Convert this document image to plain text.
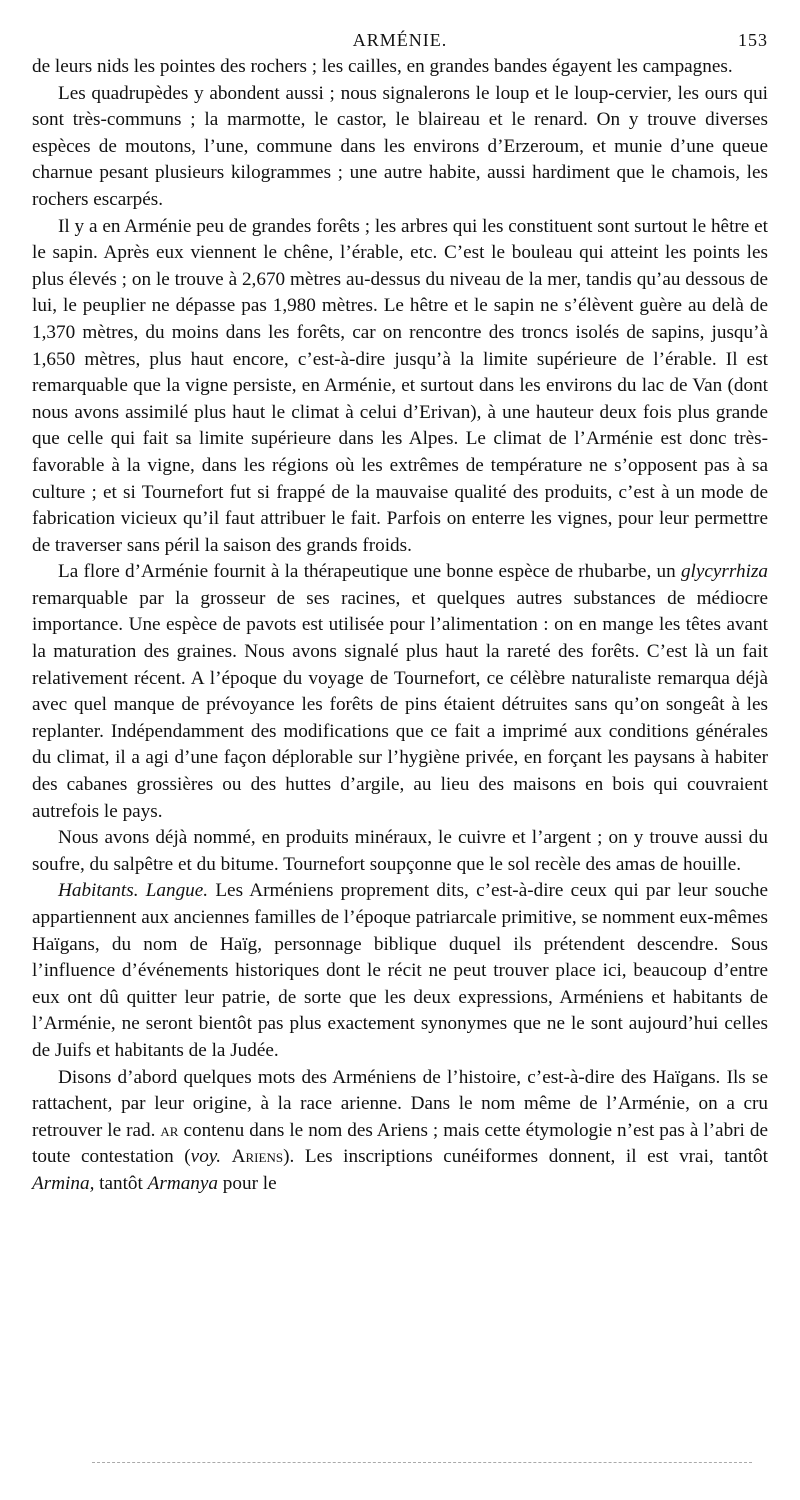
ARMÉNIE.	153

de leurs nids les pointes des rochers ; les cailles, en grandes bandes égayent les campagnes.

Les quadrupèdes y abondent aussi ; nous signalerons le loup et le loup-cervier, les ours qui sont très-communs ; la marmotte, le castor, le blaireau et le renard. On y trouve diverses espèces de moutons, l’une, commune dans les environs d’Erzeroum, et munie d’une queue charnue pesant plusieurs kilogrammes ; une autre habite, aussi hardiment que le chamois, les rochers escarpés.

Il y a en Arménie peu de grandes forêts ; les arbres qui les constituent sont surtout le hêtre et le sapin. Après eux viennent le chêne, l’érable, etc. C’est le bouleau qui atteint les points les plus élevés ; on le trouve à 2,670 mètres au-dessus du niveau de la mer, tandis qu’au dessous de lui, le peuplier ne dépasse pas 1,980 mètres. Le hêtre et le sapin ne s’élèvent guère au delà de 1,370 mètres, du moins dans les forêts, car on rencontre des troncs isolés de sapins, jusqu’à 1,650 mètres, plus haut encore, c’est-à-dire jusqu’à la limite supérieure de l’érable. Il est remarquable que la vigne persiste, en Arménie, et surtout dans les environs du lac de Van (dont nous avons assimilé plus haut le climat à celui d’Erivan), à une hauteur deux fois plus grande que celle qui fait sa limite supérieure dans les Alpes. Le climat de l’Arménie est donc très-favorable à la vigne, dans les régions où les extrêmes de température ne s’opposent pas à sa culture ; et si Tournefort fut si frappé de la mauvaise qualité des produits, c’est à un mode de fabrication vicieux qu’il faut attribuer le fait. Parfois on enterre les vignes, pour leur permettre de traverser sans péril la saison des grands froids.

La flore d’Arménie fournit à la thérapeutique une bonne espèce de rhubarbe, un glycyrrhiza remarquable par la grosseur de ses racines, et quelques autres substances de médiocre importance. Une espèce de pavots est utilisée pour l’alimentation : on en mange les têtes avant la maturation des graines. Nous avons signalé plus haut la rareté des forêts. C’est là un fait relativement récent. A l’époque du voyage de Tournefort, ce célèbre naturaliste remarqua déjà avec quel manque de prévoyance les forêts de pins étaient détruites sans qu’on songeât à les replanter. Indépendamment des modifications que ce fait a imprimé aux conditions générales du climat, il a agi d’une façon déplorable sur l’hygiène privée, en forçant les paysans à habiter des cabanes grossières ou des huttes d’argile, au lieu des maisons en bois qui couvraient autrefois le pays.

Nous avons déjà nommé, en produits minéraux, le cuivre et l’argent ; on y trouve aussi du soufre, du salpêtre et du bitume. Tournefort soupçonne que le sol recèle des amas de houille.

Habitants. Langue. Les Arméniens proprement dits, c’est-à-dire ceux qui par leur souche appartiennent aux anciennes familles de l’époque patriarcale primitive, se nomment eux-mêmes Haïgans, du nom de Haïg, personnage biblique duquel ils prétendent descendre. Sous l’influence d’événements historiques dont le récit ne peut trouver place ici, beaucoup d’entre eux ont dû quitter leur patrie, de sorte que les deux expressions, Arméniens et habitants de l’Arménie, ne seront bientôt pas plus exactement synonymes que ne le sont aujourd’hui celles de Juifs et habitants de la Judée.

Disons d’abord quelques mots des Arméniens de l’histoire, c’est-à-dire des Haïgans. Ils se rattachent, par leur origine, à la race arienne. Dans le nom même de l’Arménie, on a cru retrouver le rad. ar contenu dans le nom des Ariens ; mais cette étymologie n’est pas à l’abri de toute contestation (voy. Ariens). Les inscriptions cunéiformes donnent, il est vrai, tantôt Armina, tantôt Armanya pour le
